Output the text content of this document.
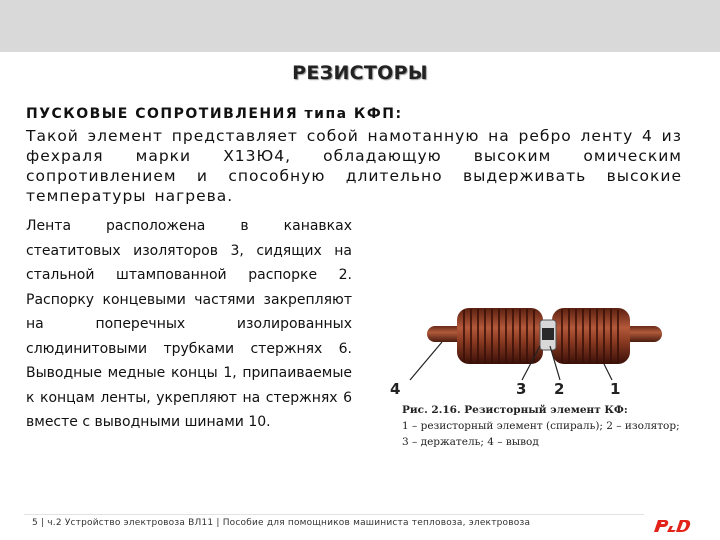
РЕЗИСТОРЫ
ПУСКОВЫЕ СОПРОТИВЛЕНИЯ типа КФП:
Такой элемент представляет собой намотанную на ребро ленту 4 из фехраля марки Х13Ю4, обладающую высоким омическим сопротивлением и способную длительно выдерживать высокие температуры нагрева.
Лента расположена в канавках стеатитовых изоляторов 3, сидящих на стальной штампованной распорке 2. Распорку концевыми частями закрепляют на поперечных изолированных слюдинитовыми трубками стержнях 6. Выводные медные концы 1, припаиваемые к концам ленты, укрепляют на стержнях 6 вместе с выводными шинами 10.
4	3 2	1
Рис. 2.16. Резисторный элемент КФ:
1 – резисторный элемент (спираль); 2 – изолятор;
3 – держатель; 4 – вывод
5 | ч.2 Устройство электровоза ВЛ11 | Пособие для помощников машиниста тепловоза, электровоза
